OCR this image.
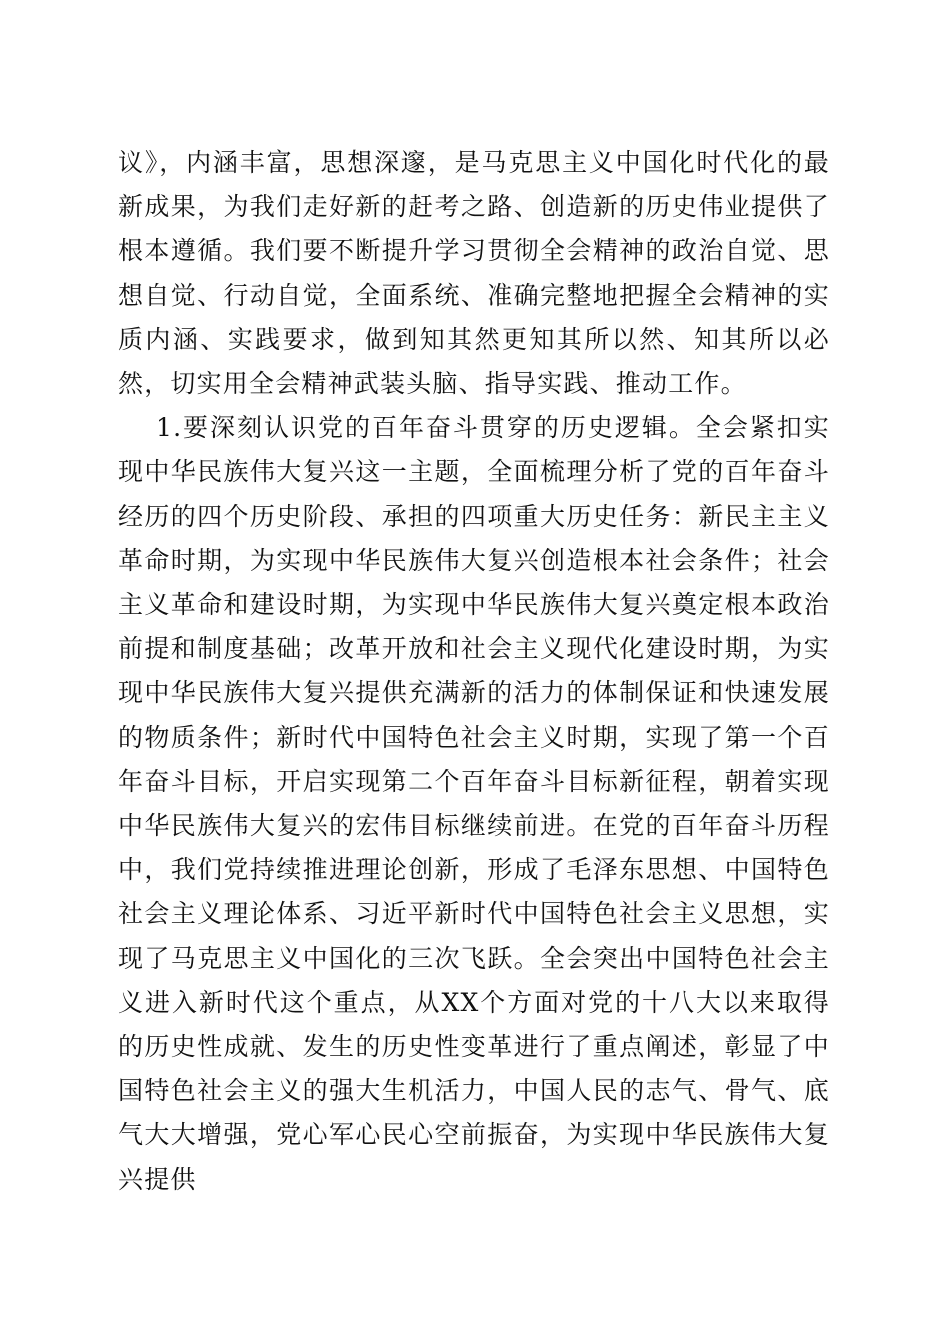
议》，内涵丰富，思想深邃，是马克思主义中国化时代化的最新成果，为我们走好新的赶考之路、创造新的历史伟业提供了根本遵循。我们要不断提升学习贯彻全会精神的政治自觉、思想自觉、行动自觉，全面系统、准确完整地把握全会精神的实质内涵、实践要求，做到知其然更知其所以然、知其所以必然，切实用全会精神武装头脑、指导实践、推动工作。

1.要深刻认识党的百年奋斗贯穿的历史逻辑。全会紧扣实现中华民族伟大复兴这一主题，全面梳理分析了党的百年奋斗经历的四个历史阶段、承担的四项重大历史任务：新民主主义革命时期，为实现中华民族伟大复兴创造根本社会条件；社会主义革命和建设时期，为实现中华民族伟大复兴奠定根本政治前提和制度基础；改革开放和社会主义现代化建设时期，为实现中华民族伟大复兴提供充满新的活力的体制保证和快速发展的物质条件；新时代中国特色社会主义时期，实现了第一个百年奋斗目标，开启实现第二个百年奋斗目标新征程，朝着实现中华民族伟大复兴的宏伟目标继续前进。在党的百年奋斗历程中，我们党持续推进理论创新，形成了毛泽东思想、中国特色社会主义理论体系、习近平新时代中国特色社会主义思想，实现了马克思主义中国化的三次飞跃。全会突出中国特色社会主义进入新时代这个重点，从XX个方面对党的十八大以来取得的历史性成就、发生的历史性变革进行了重点阐述，彰显了中国特色社会主义的强大生机活力，中国人民的志气、骨气、底气大大增强，党心军心民心空前振奋，为实现中华民族伟大复兴提供
